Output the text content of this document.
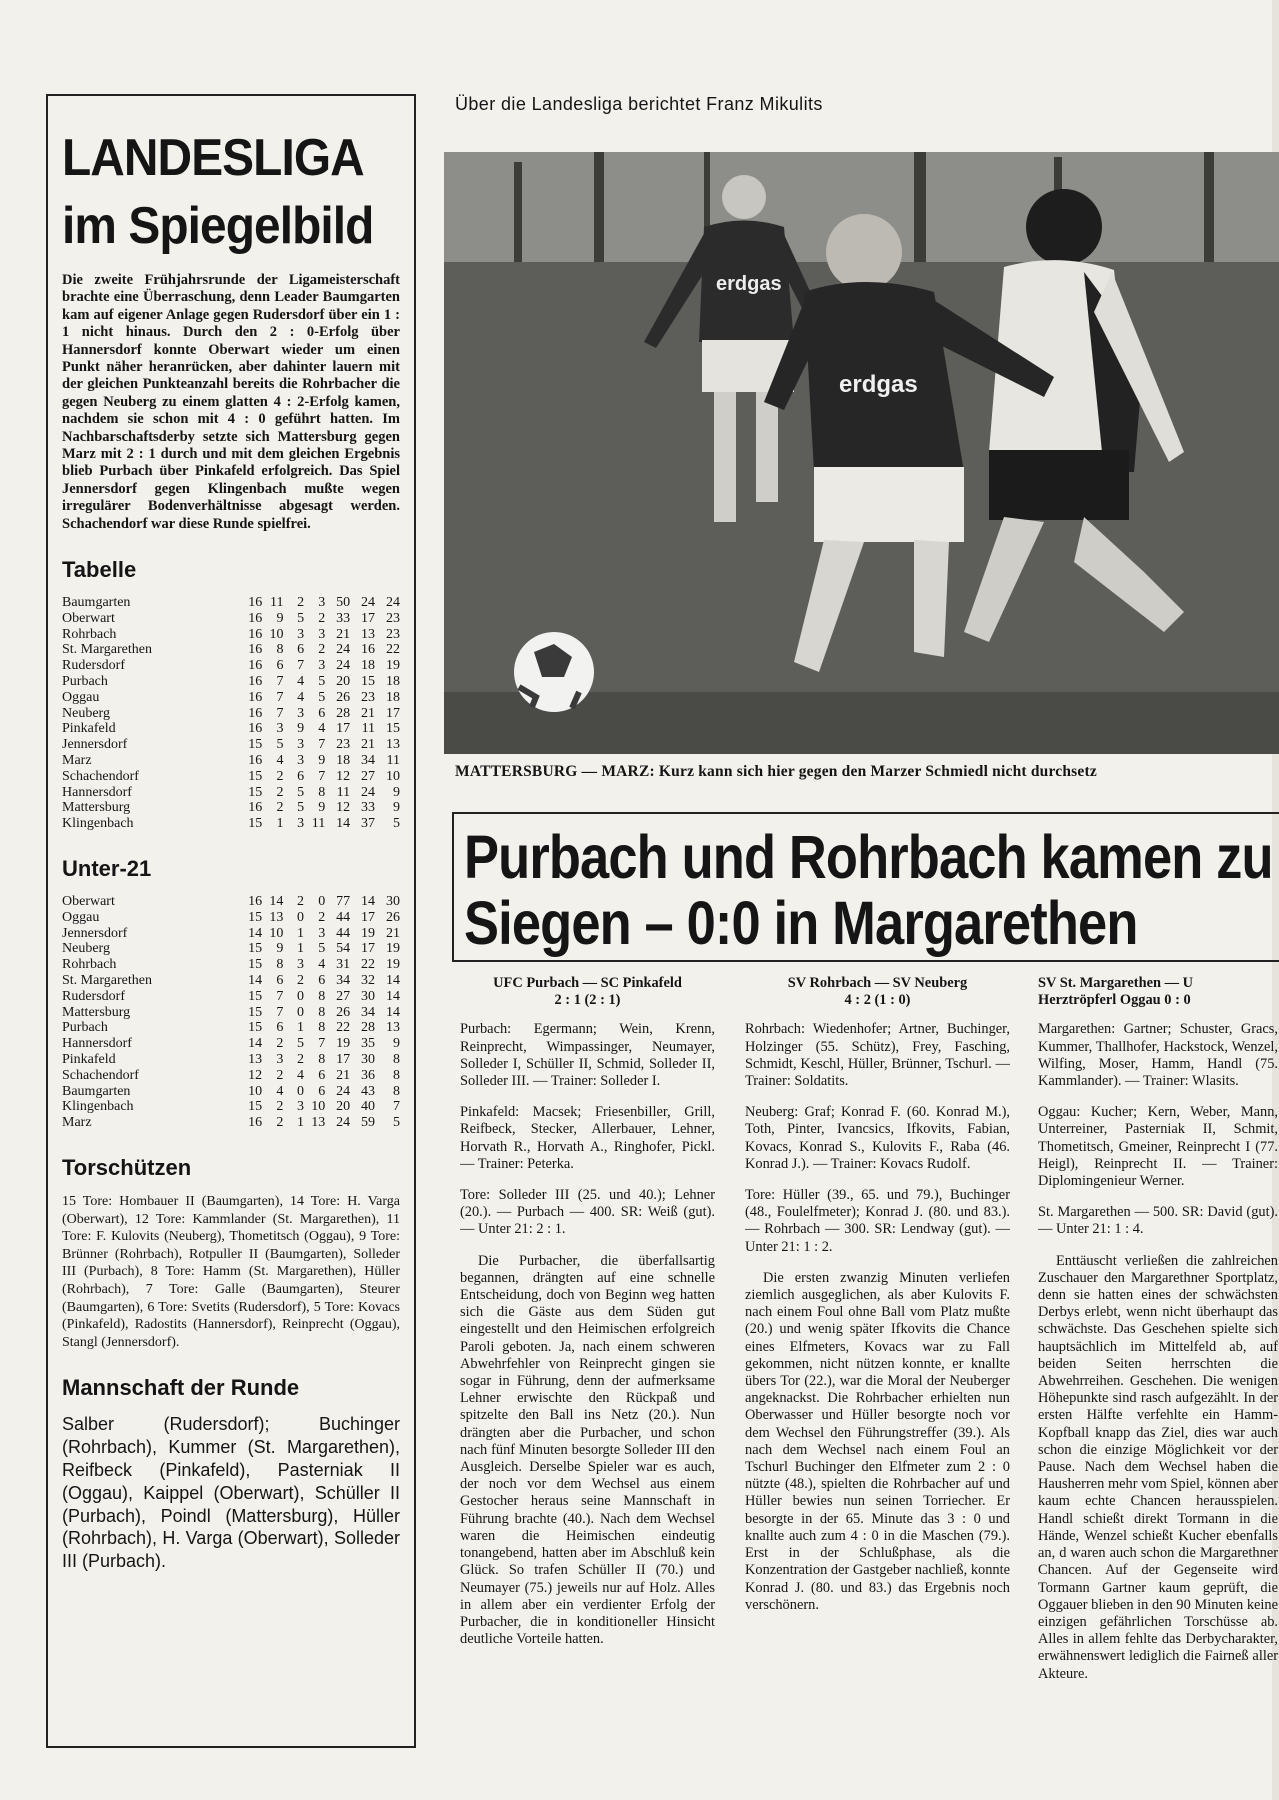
LANDESLIGA
im Spiegelbild

Die zweite Frühjahrsrunde der Ligameisterschaft brachte eine Überraschung, denn Leader Baumgarten kam auf eigener Anlage gegen Rudersdorf über ein 1 : 1 nicht hinaus. Durch den 2 : 0-Erfolg über Hannersdorf konnte Oberwart wieder um einen Punkt näher heranrücken, aber dahinter lauern mit der gleichen Punkteanzahl bereits die Rohrbacher die gegen Neuberg zu einem glatten 4 : 2-Erfolg kamen, nachdem sie schon mit 4 : 0 geführt hatten. Im Nachbarschaftsderby setzte sich Mattersburg gegen Marz mit 2 : 1 durch und mit dem gleichen Ergebnis blieb Purbach über Pinkafeld erfolgreich. Das Spiel Jennersdorf gegen Klingenbach mußte wegen irregulärer Bodenverhältnisse abgesagt werden. Schachendorf war diese Runde spielfrei.

Tabelle
Baumgarten	16	11	2	3	50	24	24
Oberwart	16	9	5	2	33	17	23
Rohrbach	16	10	3	3	21	13	23
St. Margarethen	16	8	6	2	24	16	22
Rudersdorf	16	6	7	3	24	18	19
Purbach	16	7	4	5	20	15	18
Oggau	16	7	4	5	26	23	18
Neuberg	16	7	3	6	28	21	17
Pinkafeld	16	3	9	4	17	11	15
Jennersdorf	15	5	3	7	23	21	13
Marz	16	4	3	9	18	34	11
Schachendorf	15	2	6	7	12	27	10
Hannersdorf	15	2	5	8	11	24	9
Mattersburg	16	2	5	9	12	33	9
Klingenbach	15	1	3	11	14	37	5
Unter-21
Oberwart	16	14	2	0	77	14	30
Oggau	15	13	0	2	44	17	26
Jennersdorf	14	10	1	3	44	19	21
Neuberg	15	9	1	5	54	17	19
Rohrbach	15	8	3	4	31	22	19
St. Margarethen	14	6	2	6	34	32	14
Rudersdorf	15	7	0	8	27	30	14
Mattersburg	15	7	0	8	26	34	14
Purbach	15	6	1	8	22	28	13
Hannersdorf	14	2	5	7	19	35	9
Pinkafeld	13	3	2	8	17	30	8
Schachendorf	12	2	4	6	21	36	8
Baumgarten	10	4	0	6	24	43	8
Klingenbach	15	2	3	10	20	40	7
Marz	16	2	1	13	24	59	5
Torschützen

15 Tore: Hombauer II (Baumgarten), 14 Tore: H. Varga (Oberwart), 12 Tore: Kammlander (St. Margarethen), 11 Tore: F. Kulovits (Neuberg), Thometitsch (Oggau), 9 Tore: Brünner (Rohrbach), Rotpuller II (Baumgarten), Solleder III (Purbach), 8 Tore: Hamm (St. Margarethen), Hüller (Rohrbach), 7 Tore: Galle (Baumgarten), Steurer (Baumgarten), 6 Tore: Svetits (Rudersdorf), 5 Tore: Kovacs (Pinkafeld), Radostits (Hannersdorf), Reinprecht (Oggau), Stangl (Jennersdorf).

Mannschaft der Runde

Salber (Rudersdorf); Buchinger (Rohrbach), Kummer (St. Margarethen), Reifbeck (Pinkafeld), Pasterniak II (Oggau), Kaippel (Oberwart), Schüller II (Purbach), Poindl (Mattersburg), Hüller (Rohrbach), H. Varga (Oberwart), Solleder III (Purbach).

Über die Landesliga berichtet Franz Mikulits
erdgas
erdgas
MATTERSBURG — MARZ: Kurz kann sich hier gegen den Marzer Schmiedl nicht durchsetz
Purbach und Rohrbach kamen zu
Siegen – 0:0 in Margarethen
UFC Purbach — SC Pinkafeld
2 : 1 (2 : 1)

Purbach: Egermann; Wein, Krenn, Reinprecht, Wimpassinger, Neumayer, Solleder I, Schüller II, Schmid, Solleder II, Solleder III. — Trainer: Solleder I.

Pinkafeld: Macsek; Friesenbiller, Grill, Reifbeck, Stecker, Allerbauer, Lehner, Horvath R., Horvath A., Ringhofer, Pickl. — Trainer: Peterka.

Tore: Solleder III (25. und 40.); Lehner (20.). — Purbach — 400. SR: Weiß (gut). — Unter 21: 2 : 1.

Die Purbacher, die überfallsartig begannen, drängten auf eine schnelle Entscheidung, doch von Beginn weg hatten sich die Gäste aus dem Süden gut eingestellt und den Heimischen erfolgreich Paroli geboten. Ja, nach einem schweren Abwehrfehler von Reinprecht gingen sie sogar in Führung, denn der aufmerksame Lehner erwischte den Rückpaß und spitzelte den Ball ins Netz (20.). Nun drängten aber die Purbacher, und schon nach fünf Minuten besorgte Solleder III den Ausgleich. Derselbe Spieler war es auch, der noch vor dem Wechsel aus einem Gestocher heraus seine Mannschaft in Führung brachte (40.). Nach dem Wechsel waren die Heimischen eindeutig tonangebend, hatten aber im Abschluß kein Glück. So trafen Schüller II (70.) und Neumayer (75.) jeweils nur auf Holz. Alles in allem aber ein verdienter Erfolg der Purbacher, die in konditioneller Hinsicht deutliche Vorteile hatten.

SV Rohrbach — SV Neuberg
4 : 2 (1 : 0)

Rohrbach: Wiedenhofer; Artner, Buchinger, Holzinger (55. Schütz), Frey, Fasching, Schmidt, Keschl, Hüller, Brünner, Tschurl. — Trainer: Soldatits.

Neuberg: Graf; Konrad F. (60. Konrad M.), Toth, Pinter, Ivancsics, Ifkovits, Fabian, Kovacs, Konrad S., Kulovits F., Raba (46. Konrad J.). — Trainer: Kovacs Rudolf.

Tore: Hüller (39., 65. und 79.), Buchinger (48., Foulelfmeter); Konrad J. (80. und 83.). — Rohrbach — 300. SR: Lendway (gut). — Unter 21: 1 : 2.

Die ersten zwanzig Minuten verliefen ziemlich ausgeglichen, als aber Kulovits F. nach einem Foul ohne Ball vom Platz mußte (20.) und wenig später Ifkovits die Chance eines Elfmeters, Kovacs war zu Fall gekommen, nicht nützen konnte, er knallte übers Tor (22.), war die Moral der Neuberger angeknackst. Die Rohrbacher erhielten nun Oberwasser und Hüller besorgte noch vor dem Wechsel den Führungstreffer (39.). Als nach dem Wechsel nach einem Foul an Tschurl Buchinger den Elfmeter zum 2 : 0 nützte (48.), spielten die Rohrbacher auf und Hüller bewies nun seinen Torriecher. Er besorgte in der 65. Minute das 3 : 0 und knallte auch zum 4 : 0 in die Maschen (79.). Erst in der Schlußphase, als die Konzentration der Gastgeber nachließ, konnte Konrad J. (80. und 83.) das Ergebnis noch verschönern.

SV St. Margarethen — U
Herztröpferl Oggau 0 : 0

Margarethen: Gartner; Schuster, Gracs, Kummer, Thallhofer, Hackstock, Wenzel, Wilfing, Moser, Hamm, Handl (75. Kammlander). — Trainer: Wlasits.

Oggau: Kucher; Kern, Weber, Mann, Unterreiner, Pasterniak II, Schmit, Thometitsch, Gmeiner, Reinprecht I (77. Heigl), Reinprecht II. — Trainer: Diplomingenieur Werner.

St. Margarethen — 500. SR: David (gut). — Unter 21: 1 : 4.

Enttäuscht verließen die zahlreichen Zuschauer den Margarethner Sportplatz, denn sie hatten eines der schwächsten Derbys erlebt, wenn nicht überhaupt das schwächste. Das Geschehen spielte sich hauptsächlich im Mittelfeld ab, auf beiden Seiten herrschten die Abwehrreihen. Geschehen. Die wenigen Höhepunkte sind rasch aufgezählt. In der ersten Hälfte verfehlte ein Hamm-Kopfball knapp das Ziel, dies war auch schon die einzige Möglichkeit vor der Pause. Nach dem Wechsel haben die Hausherren mehr vom Spiel, können aber kaum echte Chancen herausspielen. Handl schießt direkt Tormann in die Hände, Wenzel schießt Kucher ebenfalls an, d waren auch schon die Margarethner Chancen. Auf der Gegenseite wird Tormann Gartner kaum geprüft, die Oggauer blieben in den 90 Minuten keine einzigen gefährlichen Torschüsse ab. Alles in allem fehlte das Derbycharakter, erwähnenswert lediglich die Fairneß aller Akteure.
